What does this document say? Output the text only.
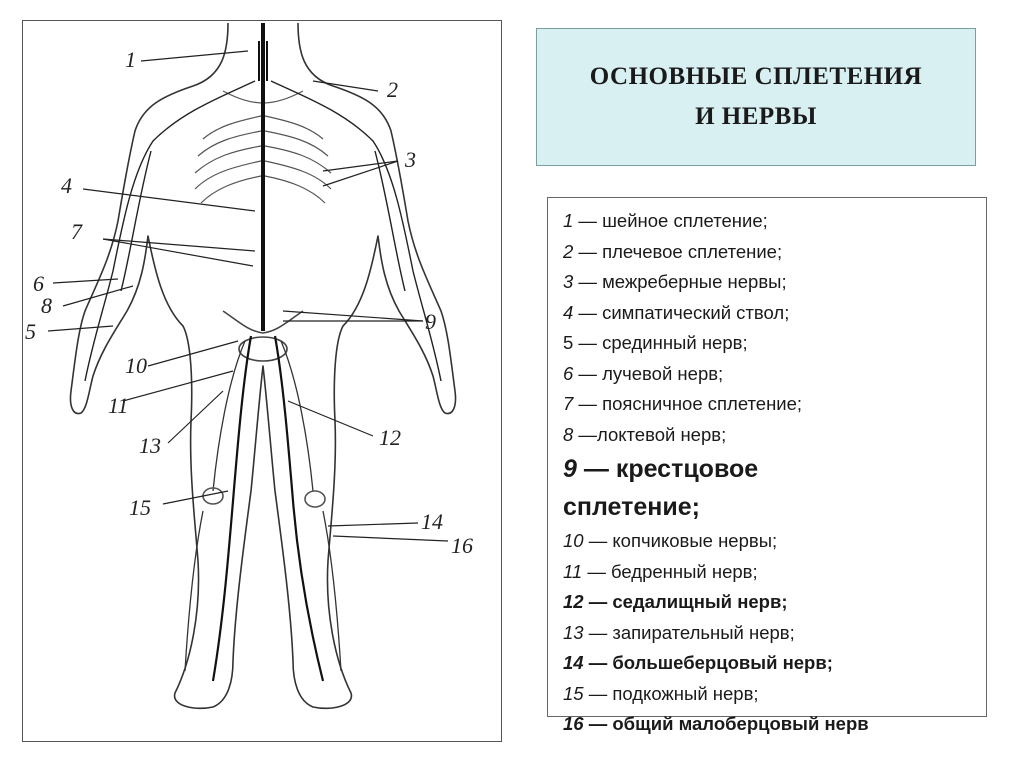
1
2
3
4
5
6
7
8
9
10
11
12
13
14
15
16
ОСНОВНЫЕ СПЛЕТЕНИЯ
И НЕРВЫ
1 — шейное сплетение;
2 — плечевое сплетение;
3 — межреберные нервы;
4 — симпатический ствол;
5 — срединный нерв;
6 — лучевой нерв;
7 — поясничное сплетение;
8 —локтевой нерв;
9 — крестцовое сплетение;
10 — копчиковые нервы;
11 — бедренный нерв;
12 — седалищный нерв;
13 — запирательный нерв;
14 — большеберцовый нерв;
15 — подкожный нерв;
16 — общий малоберцовый нерв
